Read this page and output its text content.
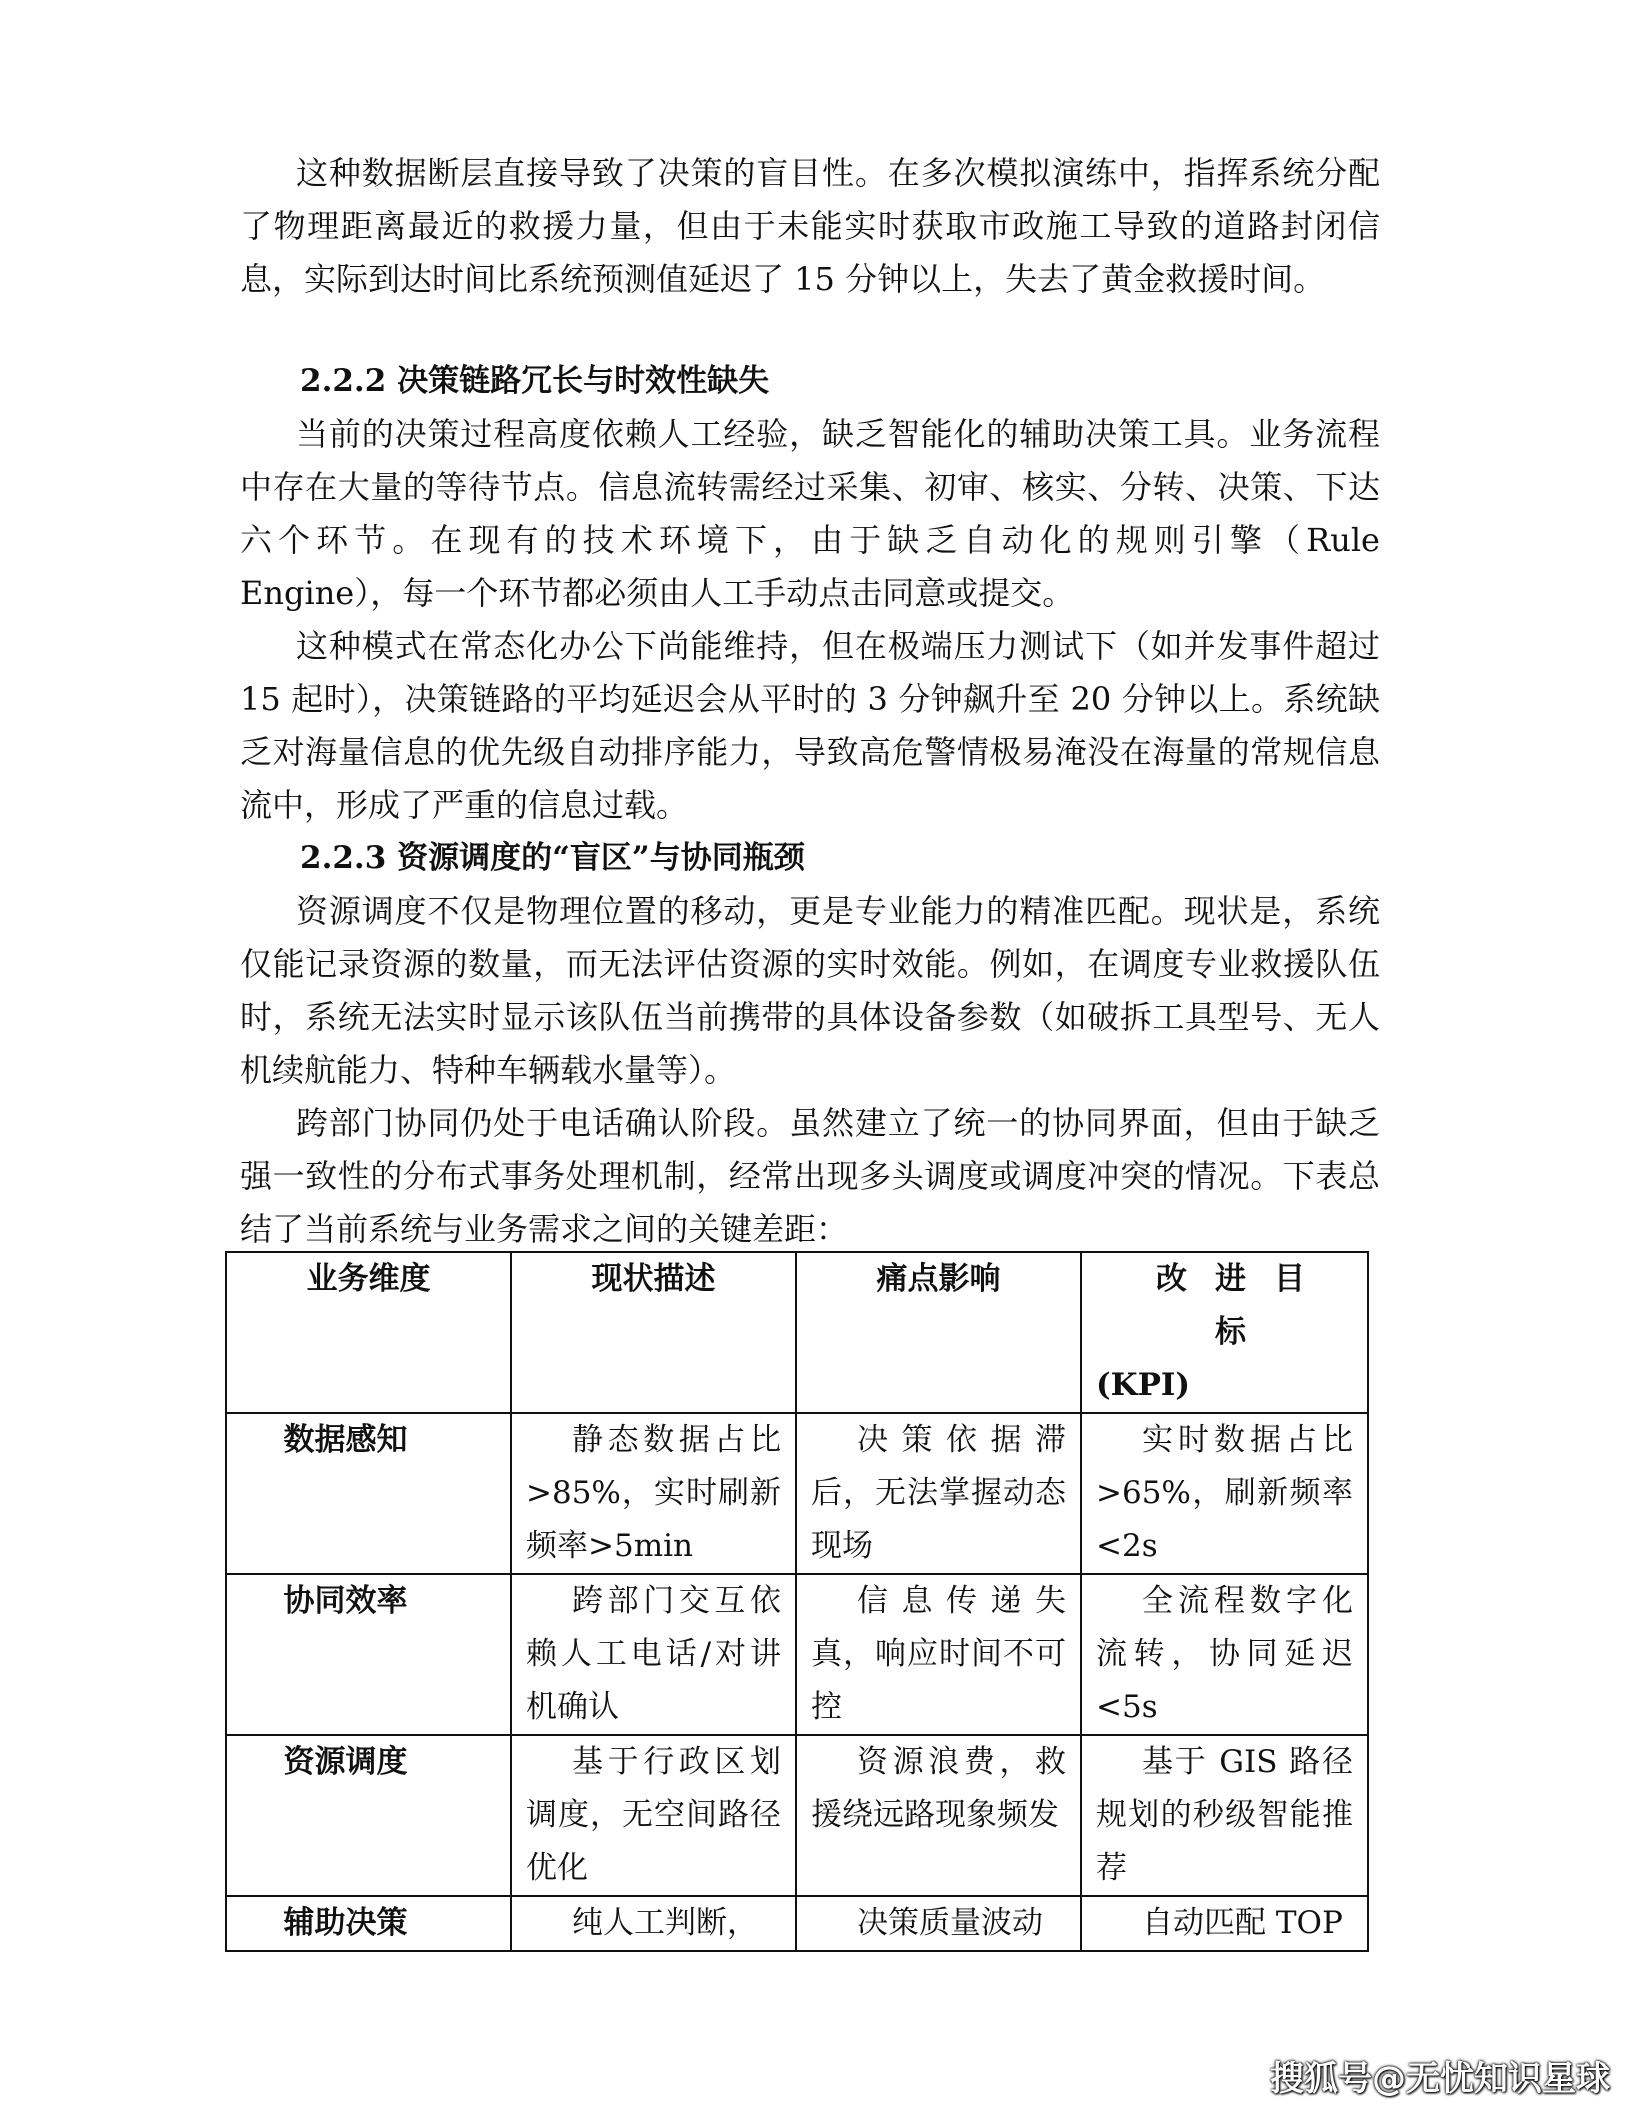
这种数据断层直接导致了决策的盲目性。在多次模拟演练中，指挥系统分配了物理距离最近的救援力量，但由于未能实时获取市政施工导致的道路封闭信息，实际到达时间比系统预测值延迟了 15 分钟以上，失去了黄金救援时间。

2.2.2 决策链路冗长与时效性缺失

当前的决策过程高度依赖人工经验，缺乏智能化的辅助决策工具。业务流程中存在大量的等待节点。信息流转需经过采集、初审、核实、分转、决策、下达六个环节。在现有的技术环境下，由于缺乏自动化的规则引擎（Rule Engine），每一个环节都必须由人工手动点击同意或提交。

这种模式在常态化办公下尚能维持，但在极端压力测试下（如并发事件超过 15 起时），决策链路的平均延迟会从平时的 3 分钟飙升至 20 分钟以上。系统缺乏对海量信息的优先级自动排序能力，导致高危警情极易淹没在海量的常规信息流中，形成了严重的信息过载。

2.2.3 资源调度的“盲区”与协同瓶颈

资源调度不仅是物理位置的移动，更是专业能力的精准匹配。现状是，系统仅能记录资源的数量，而无法评估资源的实时效能。例如，在调度专业救援队伍时，系统无法实时显示该队伍当前携带的具体设备参数（如破拆工具型号、无人机续航能力、特种车辆载水量等）。

跨部门协同仍处于电话确认阶段。虽然建立了统一的协同界面，但由于缺乏强一致性的分布式事务处理机制，经常出现多头调度或调度冲突的情况。下表总结了当前系统与业务需求之间的关键差距：

业务维度	现状描述	痛点影响	改进目标
(KPI)
数据感知	静态数据占比>85%，实时刷新频率>5min	决策依据滞后，无法掌握动态现场	实时数据占比>65%，刷新频率<2s
协同效率	跨部门交互依赖人工电话/对讲机确认	信息传递失真，响应时间不可控	全流程数字化流转，协同延迟<5s
资源调度	基于行政区划调度，无空间路径优化	资源浪费，救援绕远路现象频发	基于 GIS 路径规划的秒级智能推荐
辅助决策	纯人工判断，	决策质量波动	自动匹配 TOP
搜狐号@无忧知识星球
